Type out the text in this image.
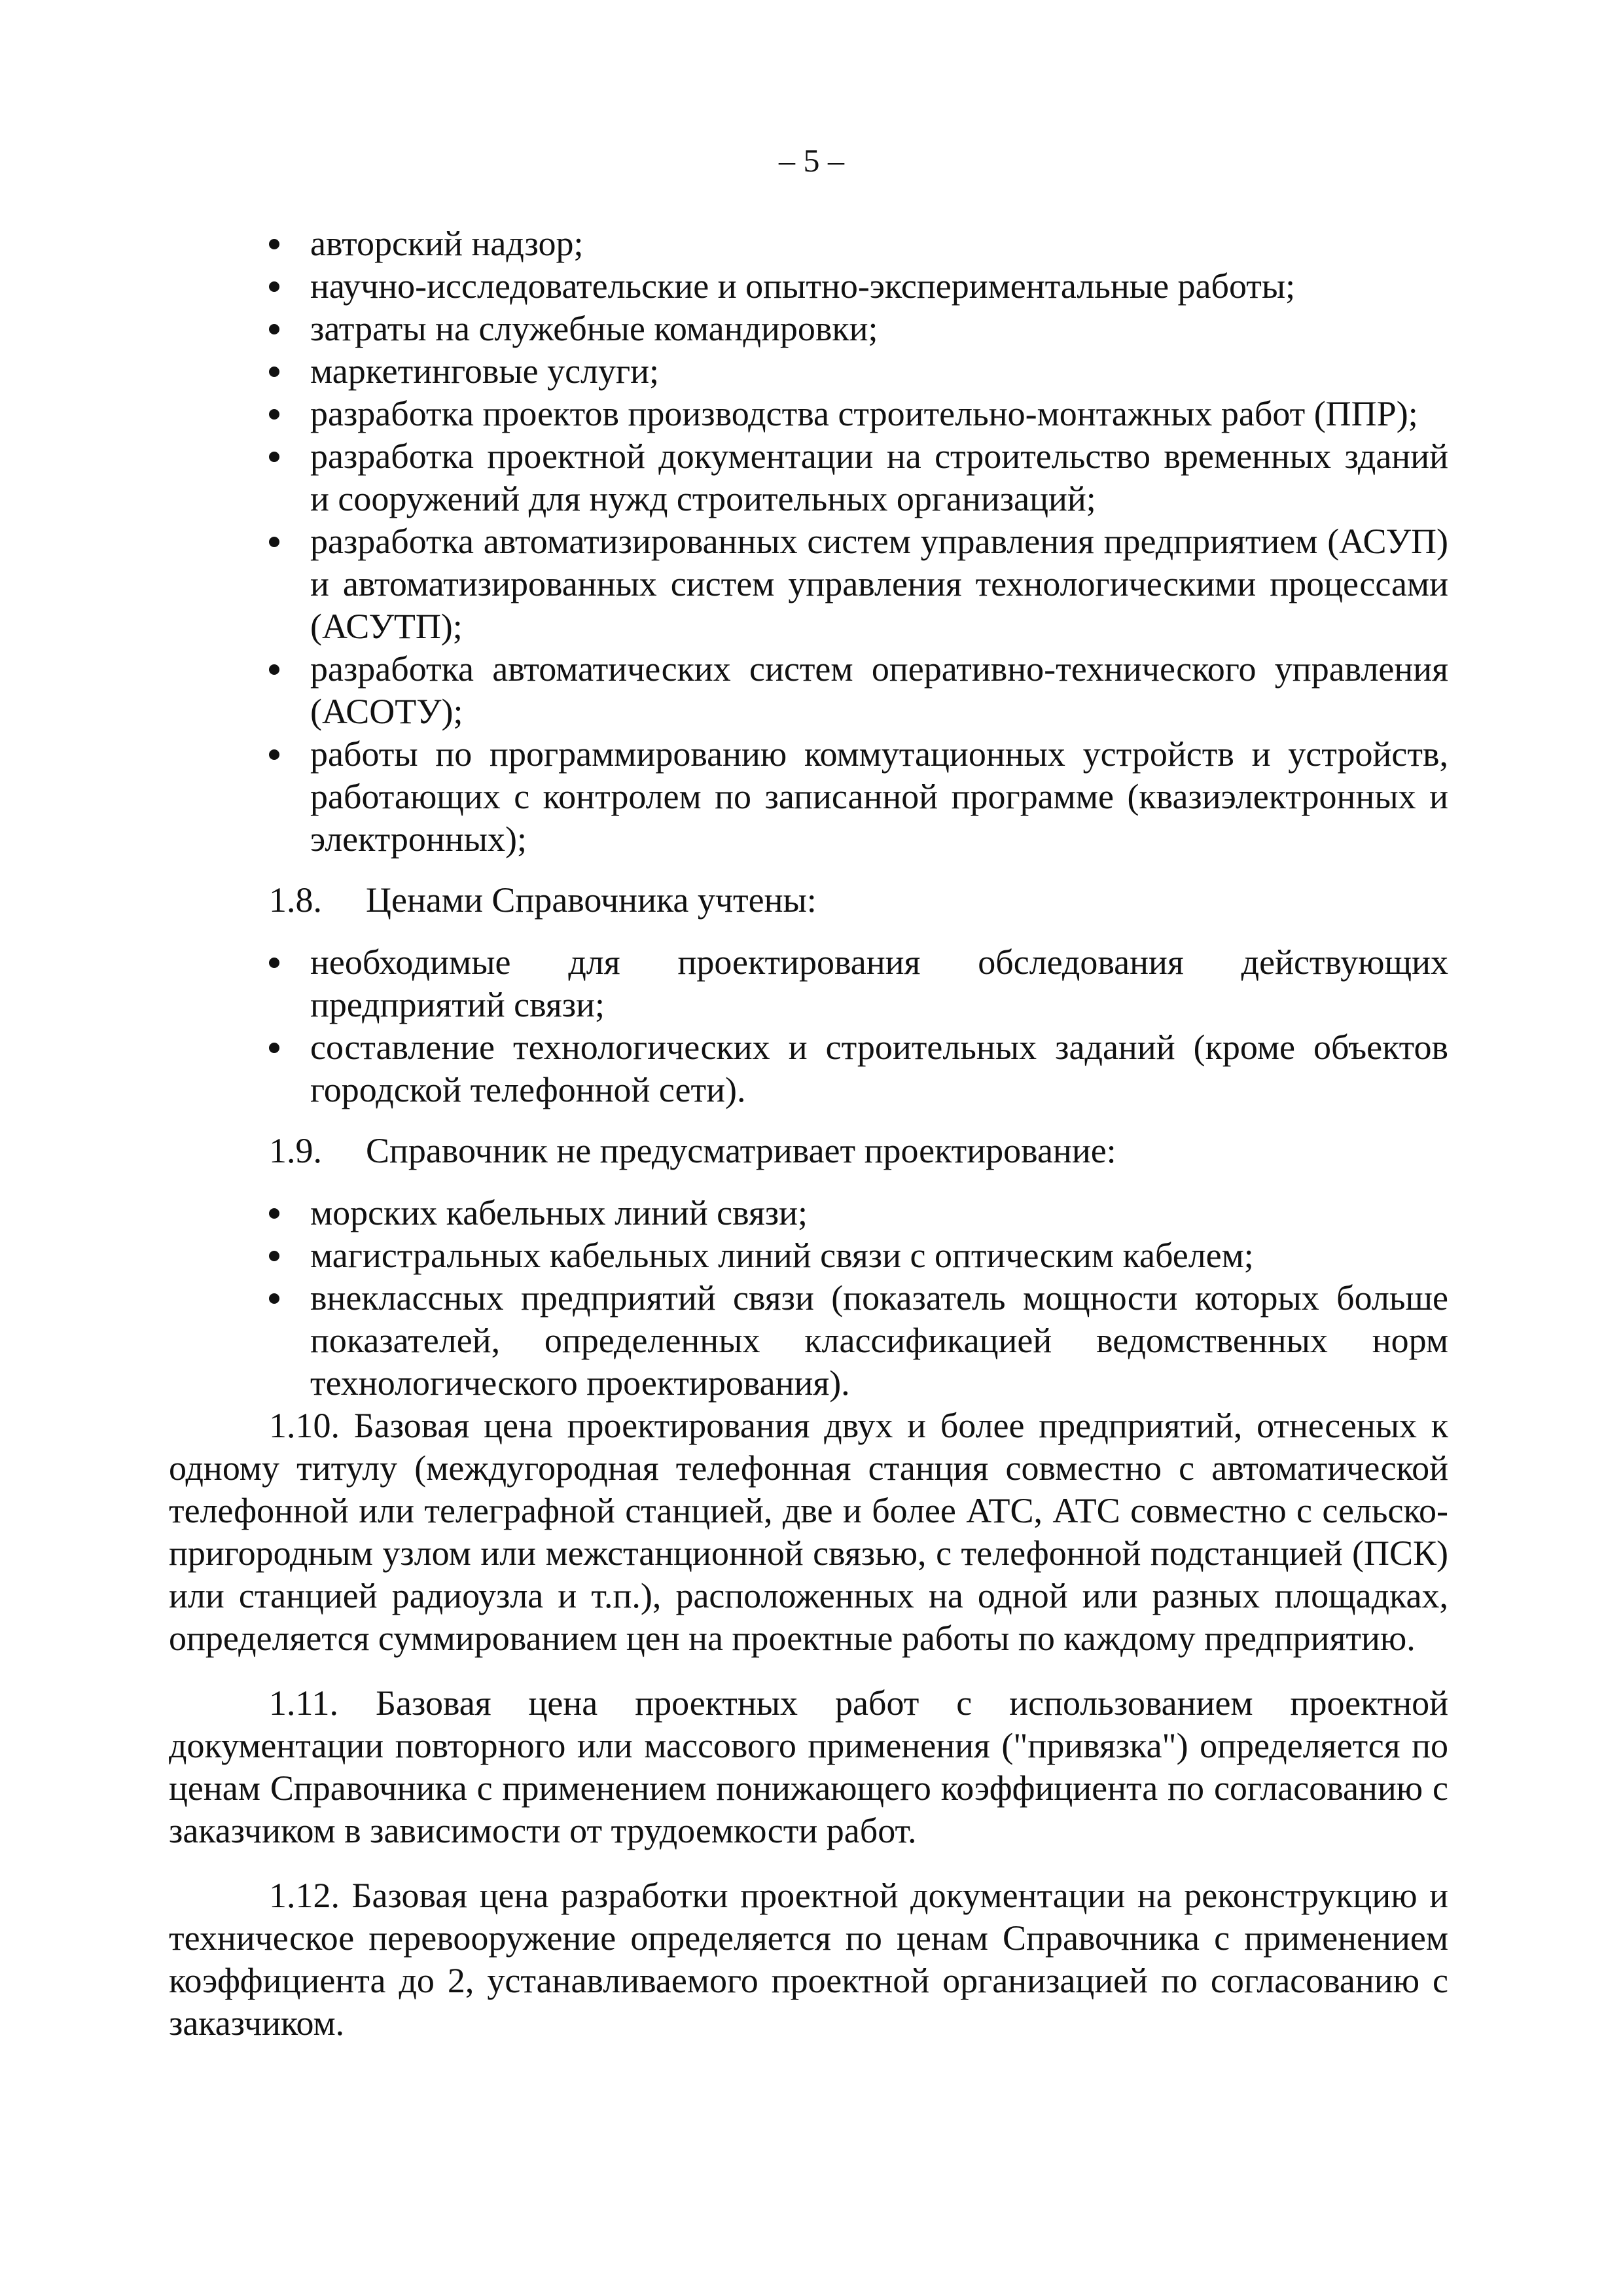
– 5 –
авторский надзор;
научно-исследовательские и опытно-экспериментальные работы;
затраты на служебные командировки;
маркетинговые услуги;
разработка проектов производства строительно-монтажных работ (ППР);
разработка проектной документации на строительство временных зданий и сооружений для нужд строительных организаций;
разработка автоматизированных систем управления предприятием (АСУП) и автоматизированных систем управления технологическими процессами (АСУТП);
разработка автоматических систем оперативно-технического управления (АСОТУ);
работы по программированию коммутационных устройств и устройств, работающих с контролем по записанной программе (квазиэлектронных и электронных);
1.8. Ценами Справочника учтены:
необходимые для проектирования обследования действующих предприятий связи;
составление технологических и строительных заданий (кроме объектов городской телефонной сети).
1.9. Справочник не предусматривает проектирование:
морских кабельных линий связи;
магистральных кабельных линий связи с оптическим кабелем;
внеклассных предприятий связи (показатель мощности которых больше показателей, определенных классификацией ведомственных норм технологического проектирования).

1.10. Базовая цена проектирования двух и более предприятий, отнесеных к одному титулу (междугородная телефонная станция совместно с автоматической телефонной или телеграфной станцией, две и более АТС, АТС совместно с сельско-пригородным узлом или межстанционной связью, с телефонной подстанцией (ПСК) или станцией радиоузла и т.п.), расположенных на одной или разных площадках, определяется суммированием цен на проектные работы по каждому предприятию.

1.11. Базовая цена проектных работ с использованием проектной документации повторного или массового применения ("привязка") определяется по ценам Справочника с применением понижающего коэффициента по согласованию с заказчиком в зависимости от трудоемкости работ.

1.12. Базовая цена разработки проектной документации на реконструкцию и техническое перевооружение определяется по ценам Справочника с применением коэффициента до 2, устанавливаемого проектной организацией по согласованию с заказчиком.
